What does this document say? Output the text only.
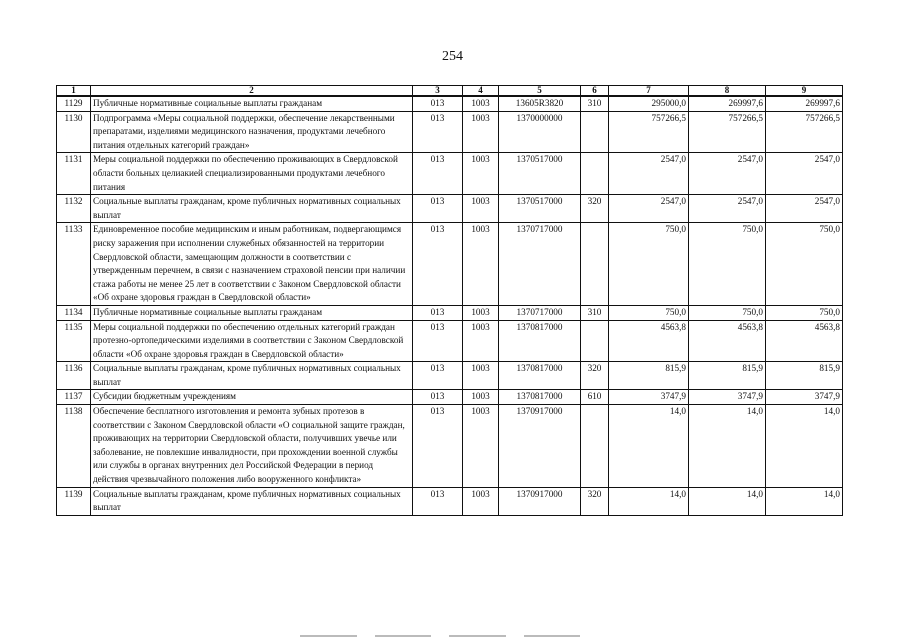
254
1	2	3	4	5	6	7	8	9
1129	Публичные нормативные социальные выплаты гражданам	013	1003	13605R3820	310	295000,0	269997,6	269997,6
1130	Подпрограмма «Меры социальной поддержки, обеспечение лекарственными препаратами, изделиями медицинского назначения, продуктами лечебного питания отдельных категорий граждан»	013	1003	1370000000		757266,5	757266,5	757266,5
1131	Меры социальной поддержки по обеспечению проживающих в Свердловской области больных целиакией специализированными продуктами лечебного питания	013	1003	1370517000		2547,0	2547,0	2547,0
1132	Социальные выплаты гражданам, кроме публичных нормативных социальных выплат	013	1003	1370517000	320	2547,0	2547,0	2547,0
1133	Единовременное пособие медицинским и иным работникам, подвергающимся риску заражения при исполнении служебных обязанностей на территории Свердловской области, замещающим должности в соответствии с утвержденным перечнем, в связи с назначением страховой пенсии при наличии стажа работы не менее 25 лет в соответствии с Законом Свердловской области «Об охране здоровья граждан в Свердловской области»	013	1003	1370717000		750,0	750,0	750,0
1134	Публичные нормативные социальные выплаты гражданам	013	1003	1370717000	310	750,0	750,0	750,0
1135	Меры социальной поддержки по обеспечению отдельных категорий граждан протезно-ортопедическими изделиями в соответствии с Законом Свердловской области «Об охране здоровья граждан в Свердловской области»	013	1003	1370817000		4563,8	4563,8	4563,8
1136	Социальные выплаты гражданам, кроме публичных нормативных социальных выплат	013	1003	1370817000	320	815,9	815,9	815,9
1137	Субсидии бюджетным учреждениям	013	1003	1370817000	610	3747,9	3747,9	3747,9
1138	Обеспечение бесплатного изготовления и ремонта зубных протезов в соответствии с Законом Свердловской области «О социальной защите граждан, проживающих на территории Свердловской области, получивших увечье или заболевание, не повлекшие инвалидности, при прохождении военной службы или службы в органах внутренних дел Российской Федерации в период действия чрезвычайного положения либо вооруженного конфликта»	013	1003	1370917000		14,0	14,0	14,0
1139	Социальные выплаты гражданам, кроме публичных нормативных социальных выплат	013	1003	1370917000	320	14,0	14,0	14,0
